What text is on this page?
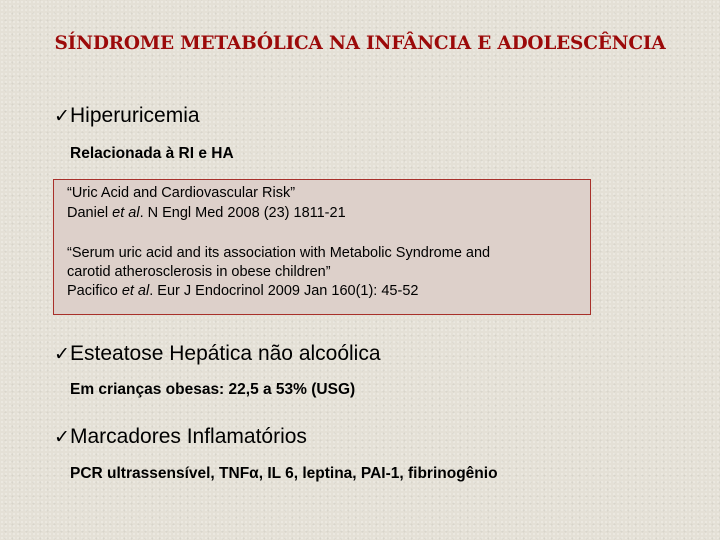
SÍNDROME METABÓLICA NA INFÂNCIA E ADOLESCÊNCIA
✓Hiperuricemia
Relacionada à RI e HA
“Uric Acid and Cardiovascular Risk”
Daniel et al. N Engl Med 2008 (23) 1811-21
“Serum uric acid and its association with Metabolic Syndrome and
carotid atherosclerosis in obese children”
Pacifico et al. Eur J Endocrinol 2009 Jan 160(1): 45-52
✓Esteatose Hepática não alcoólica
Em crianças obesas: 22,5 a 53% (USG)
✓Marcadores Inflamatórios
PCR ultrassensível, TNFα, IL 6, leptina, PAI-1, fibrinogênio
